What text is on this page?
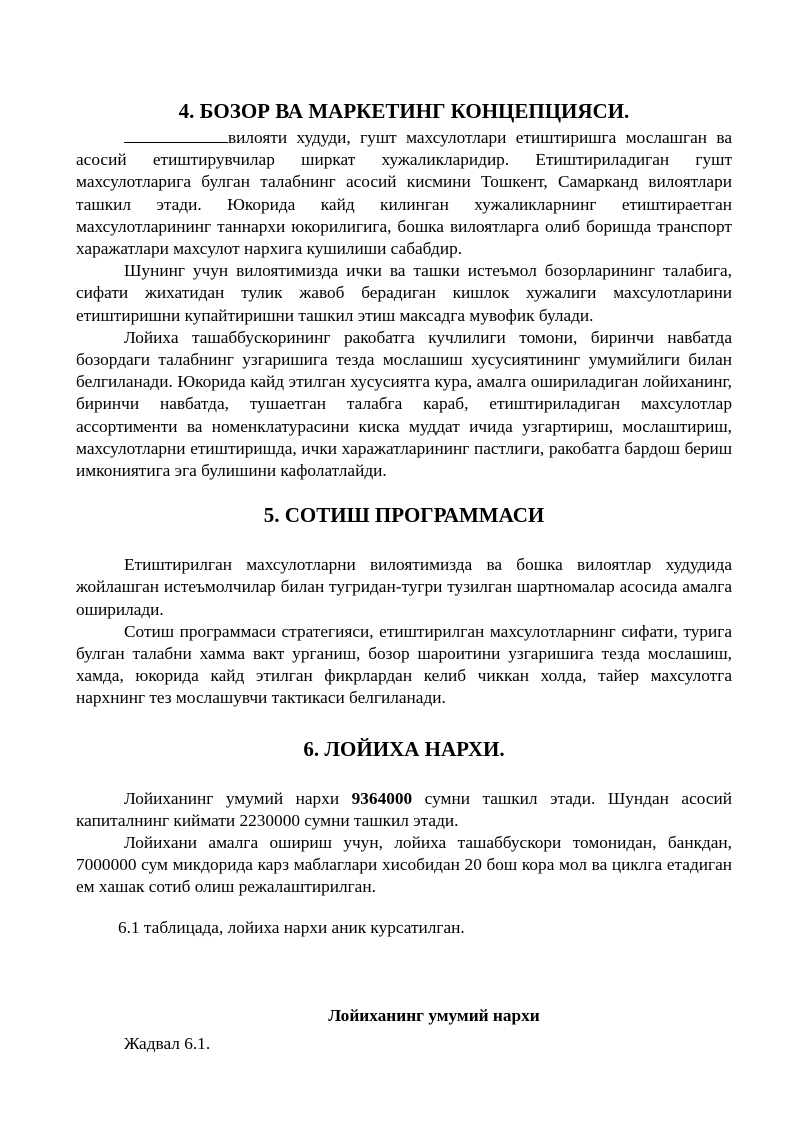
4. БОЗОР ВА МАРКЕТИНГ КОНЦЕПЦИЯСИ.

вилояти худуди, гушт махсулотлари етиштиришга мослашган ва асосий етиштирувчилар ширкат хужаликларидир. Етиштириладиган гушт махсулотларига булган талабнинг асосий кисмини Тошкент, Самарканд вилоятлари ташкил этади. Юкорида кайд килинган хужаликларнинг етиштираетган махсулотларининг таннархи юкорилигига, бошка вилоятларга олиб боришда транспорт харажатлари махсулот нархига кушилиши сабабдир.

Шунинг учун вилоятимизда ички ва ташки истеъмол бозорларининг талабига, сифати жихатидан тулик жавоб берадиган кишлок хужалиги махсулотларини етиштиришни купайтиришни ташкил этиш максадга мувофик булади.

Лойиха ташаббускорининг ракобатга кучлилиги томони, биринчи навбатда бозордаги талабнинг узгаришига тезда мослашиш хусусиятининг умумийлиги билан белгиланади. Юкорида кайд этилган хусусиятга кура, амалга ошириладиган лойиханинг, биринчи навбатда, тушаетган талабга караб, етиштириладиган махсулотлар ассортименти ва номенклатурасини киска муддат ичида узгартириш, мослаштириш, махсулотларни етиштиришда, ички харажатларининг пастлиги, ракобатга бардош бериш имкониятига эга булишини кафолатлайди.

5. СОТИШ ПРОГРАММАСИ

Етиштирилган махсулотларни вилоятимизда ва бошка вилоятлар худудида жойлашган истеъмолчилар билан тугридан-тугри тузилган шартномалар асосида амалга оширилади.

Сотиш программаси стратегияси, етиштирилган махсулотларнинг сифати, турига булган талабни хамма вакт урганиш, бозор шароитини узгаришига тезда мослашиш, хамда, юкорида кайд этилган фикрлардан келиб чиккан холда, тайер махсулотга нархнинг тез мослашувчи тактикаси белгиланади.

6. ЛОЙИХА НАРХИ.

Лойиханинг умумий нархи 9364000 сумни ташкил этади. Шундан асосий капиталнинг киймати 2230000 сумни ташкил этади.

Лойихани амалга ошириш учун, лойиха ташаббускори томонидан, банкдан, 7000000 сум микдорида карз маблаглари хисобидан 20 бош кора мол ва циклга етадиган ем хашак сотиб олиш режалаштирилган.

6.1 таблицада, лойиха нархи аник курсатилган.

Лойиханинг умумий нархи

Жадвал 6.1.
